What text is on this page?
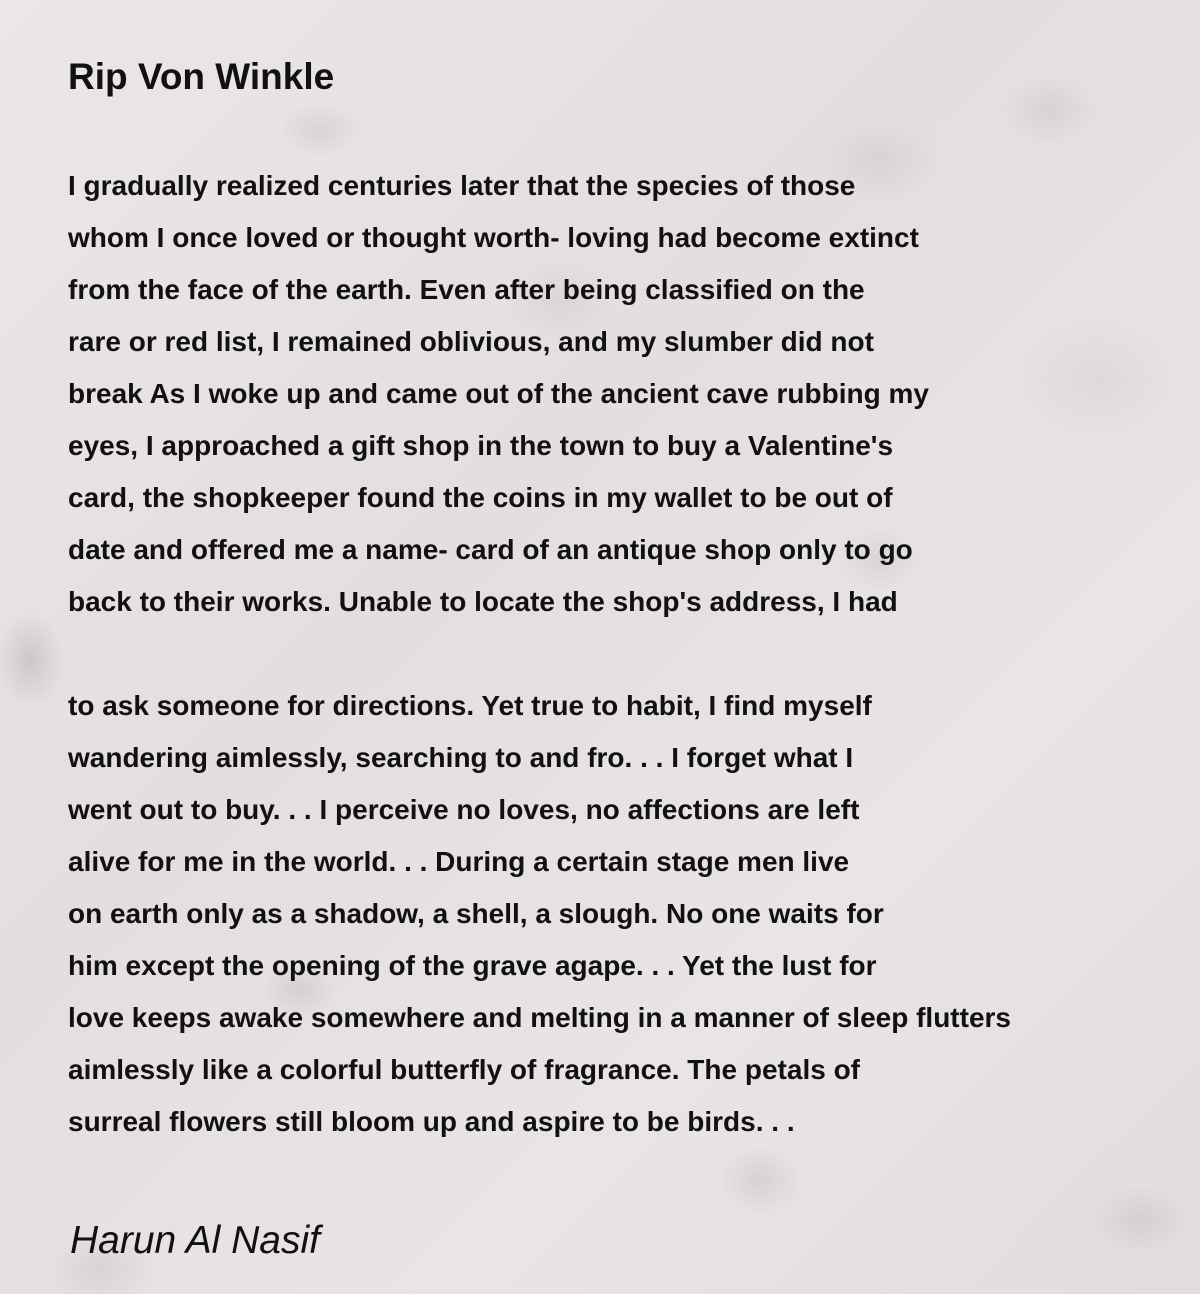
Rip Von Winkle
I gradually realized centuries later that the species of those
whom I once loved or thought worth- loving had become extinct
from the face of the earth. Even after being classified on the
rare or red list, I remained oblivious, and my slumber did not
break As I woke up and came out of the ancient cave rubbing my
eyes, I approached a gift shop in the town to buy a Valentine's
card, the shopkeeper found the coins in my wallet to be out of
date and offered me a name- card of an antique shop only to go
back to their works. Unable to locate the shop's address, I had
to ask someone for directions. Yet true to habit, I find myself
wandering aimlessly, searching to and fro. . . I forget what I
went out to buy. . . I perceive no loves, no affections are left
alive for me in the world. . . During a certain stage men live
on earth only as a shadow, a shell, a slough. No one waits for
him except the opening of the grave agape. . . Yet the lust for
love keeps awake somewhere and melting in a manner of sleep flutters
aimlessly like a colorful butterfly of fragrance. The petals of
surreal flowers still bloom up and aspire to be birds. . .
Harun Al Nasif
